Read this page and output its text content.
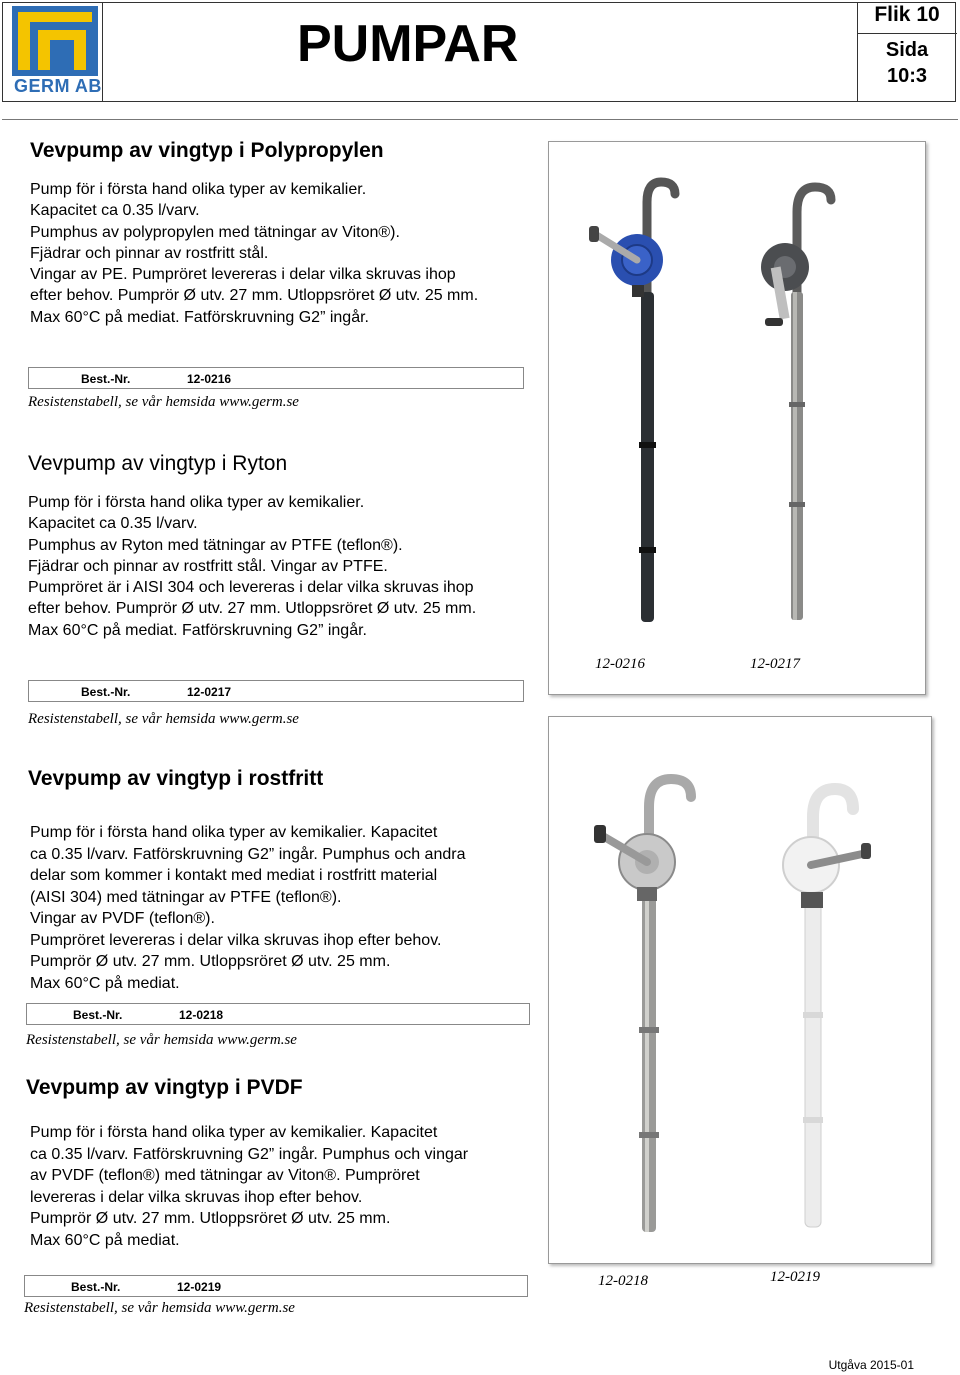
GERM AB
PUMPAR
Flik 10
Sida
10:3
Vevpump av vingtyp i Polypropylen
Pump för i första hand olika typer av kemikalier.
Kapacitet ca 0.35 l/varv.
Pumphus av polypropylen med tätningar av Viton®).
Fjädrar och pinnar av rostfritt stål.
Vingar av PE. Pumpröret levereras i delar vilka skruvas ihop
efter behov. Pumprör Ø utv. 27 mm. Utloppsröret Ø utv. 25 mm.
Max 60°C på mediat. Fatförskruvning G2” ingår.
Best.-Nr.	12-0216
Resistenstabell, se vår hemsida www.germ.se
Vevpump av vingtyp i Ryton
Pump för i första hand olika typer av kemikalier.
Kapacitet ca 0.35 l/varv.
Pumphus av Ryton med tätningar av PTFE (teflon®).
Fjädrar och pinnar av rostfritt stål. Vingar av PTFE.
Pumpröret är i AISI 304 och levereras i delar vilka skruvas ihop
efter behov. Pumprör Ø utv. 27 mm. Utloppsröret Ø utv. 25 mm.
Max 60°C på mediat. Fatförskruvning G2” ingår.
Best.-Nr.	12-0217
Resistenstabell, se vår hemsida www.germ.se
Vevpump av vingtyp i rostfritt
Pump för i första hand olika typer av kemikalier. Kapacitet
ca 0.35 l/varv. Fatförskruvning G2” ingår. Pumphus och andra
delar som kommer i kontakt med mediat i rostfritt material
(AISI 304) med tätningar av PTFE (teflon®).
Vingar av PVDF (teflon®).
Pumpröret levereras i delar vilka skruvas ihop efter behov.
Pumprör Ø utv. 27 mm. Utloppsröret Ø utv. 25 mm.
Max 60°C på mediat.
Best.-Nr.	12-0218
Resistenstabell, se vår hemsida www.germ.se
Vevpump av vingtyp i PVDF
Pump för i första hand olika typer av kemikalier. Kapacitet
ca 0.35 l/varv. Fatförskruvning G2” ingår. Pumphus och vingar
av PVDF (teflon®) med tätningar av Viton®. Pumpröret
levereras i delar vilka skruvas ihop efter behov.
Pumprör Ø utv. 27 mm. Utloppsröret Ø utv. 25 mm.
Max 60°C på mediat.
Best.-Nr.	12-0219
Resistenstabell, se vår hemsida www.germ.se
12-0216	12-0217
12-0218	12-0219
Utgåva 2015-01
